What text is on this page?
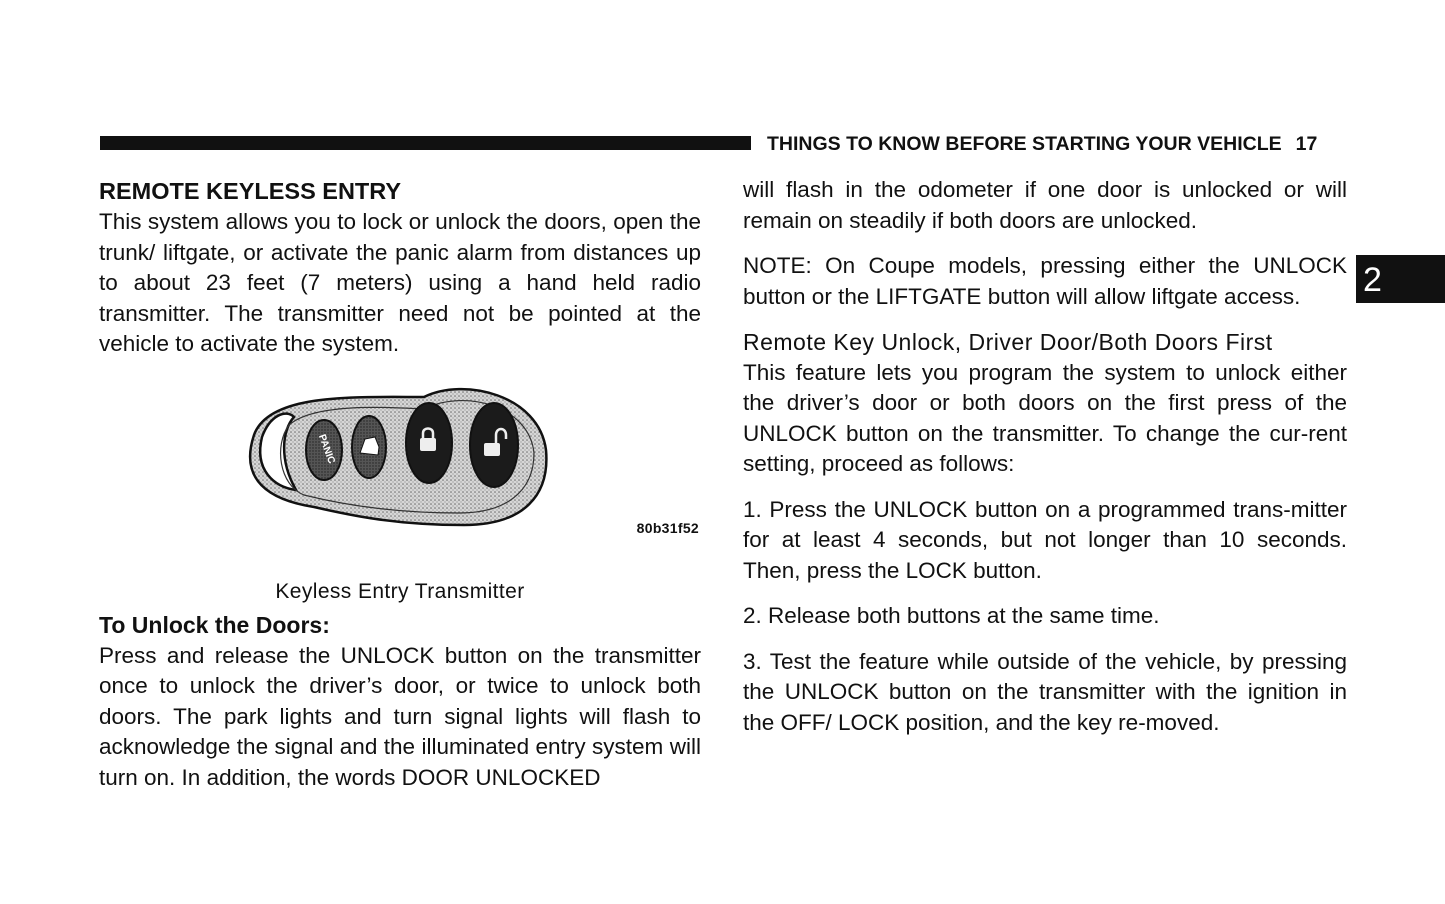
THINGS TO KNOW BEFORE STARTING YOUR VEHICLE 17
2

REMOTE KEYLESS ENTRY

This system allows you to lock or unlock the doors, open the trunk/ liftgate, or activate the panic alarm from distances up to about 23 feet (7 meters) using a hand held radio transmitter. The transmitter need not be pointed at the vehicle to activate the system.

PANIC
80b31f52

Keyless Entry Transmitter

To Unlock the Doors:

Press and release the UNLOCK button on the transmitter once to unlock the driver’s door, or twice to unlock both doors. The park lights and turn signal lights will flash to acknowledge the signal and the illuminated entry system will turn on. In addition, the words DOOR UNLOCKED

will flash in the odometer if one door is unlocked or will remain on steadily if both doors are unlocked.

NOTE: On Coupe models, pressing either the UNLOCK button or the LIFTGATE button will allow liftgate access.

Remote Key Unlock, Driver Door/Both Doors First

This feature lets you program the system to unlock either the driver’s door or both doors on the first press of the UNLOCK button on the transmitter. To change the cur-rent setting, proceed as follows:

1. Press the UNLOCK button on a programmed trans-mitter for at least 4 seconds, but not longer than 10 seconds. Then, press the LOCK button.

2. Release both buttons at the same time.

3. Test the feature while outside of the vehicle, by pressing the UNLOCK button on the transmitter with the ignition in the OFF/ LOCK position, and the key re-moved.
